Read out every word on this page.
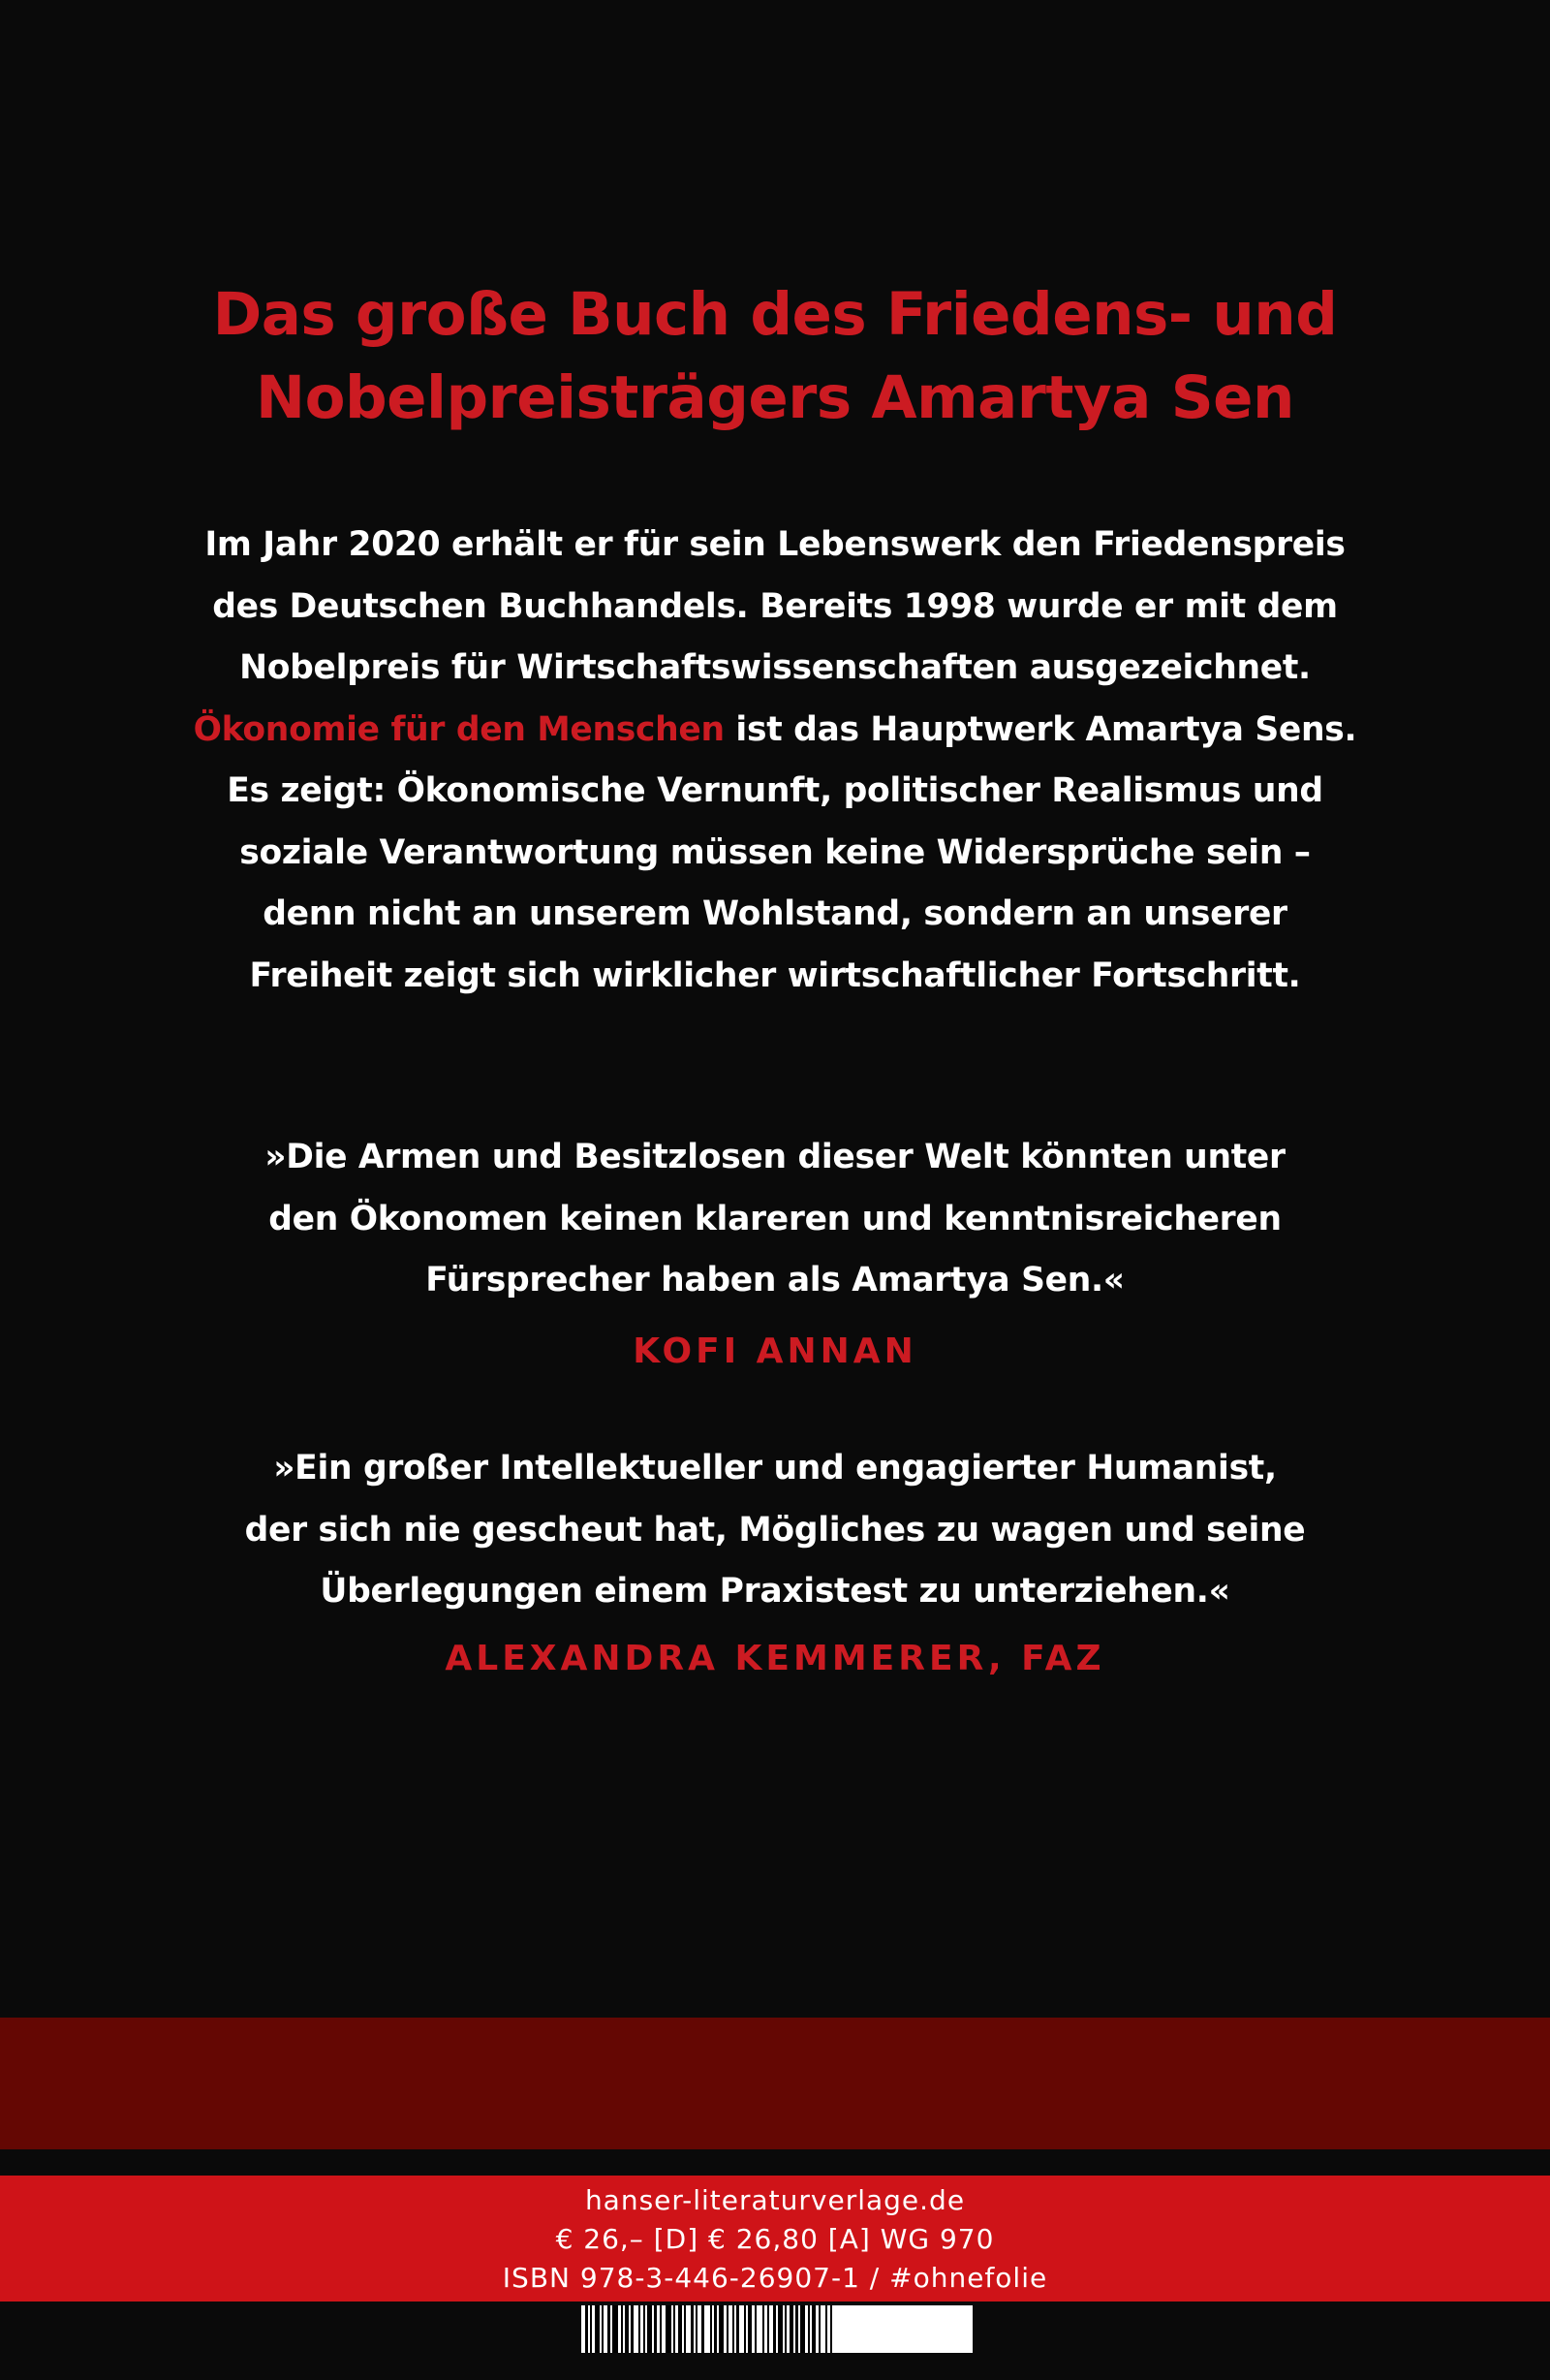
Das große Buch des Friedens- und
Nobelpreisträgers Amartya Sen

Im Jahr 2020 erhält er für sein Lebenswerk den Friedenspreis
des Deutschen Buchhandels. Bereits 1998 wurde er mit dem
Nobelpreis für Wirtschaftswissenschaften ausgezeichnet.
Ökonomie für den Menschen ist das Hauptwerk Amartya Sens.
Es zeigt: Ökonomische Vernunft, politischer Realismus und
soziale Verantwortung müssen keine Widersprüche sein –
denn nicht an unserem Wohlstand, sondern an unserer
Freiheit zeigt sich wirklicher wirtschaftlicher Fortschritt.

»Die Armen und Besitzlosen dieser Welt könnten unter
den Ökonomen keinen klareren und kenntnisreicheren
Fürsprecher haben als Amartya Sen.«

KOFI ANNAN

»Ein großer Intellektueller und engagierter Humanist,
der sich nie gescheut hat, Mögliches zu wagen und seine
Überlegungen einem Praxistest zu unterziehen.«

ALEXANDRA KEMMERER, FAZ

hanser-literaturverlage.de
€ 26,– [D] € 26,80 [A] WG 970
ISBN 978-3-446-26907-1 / #ohnefolie
